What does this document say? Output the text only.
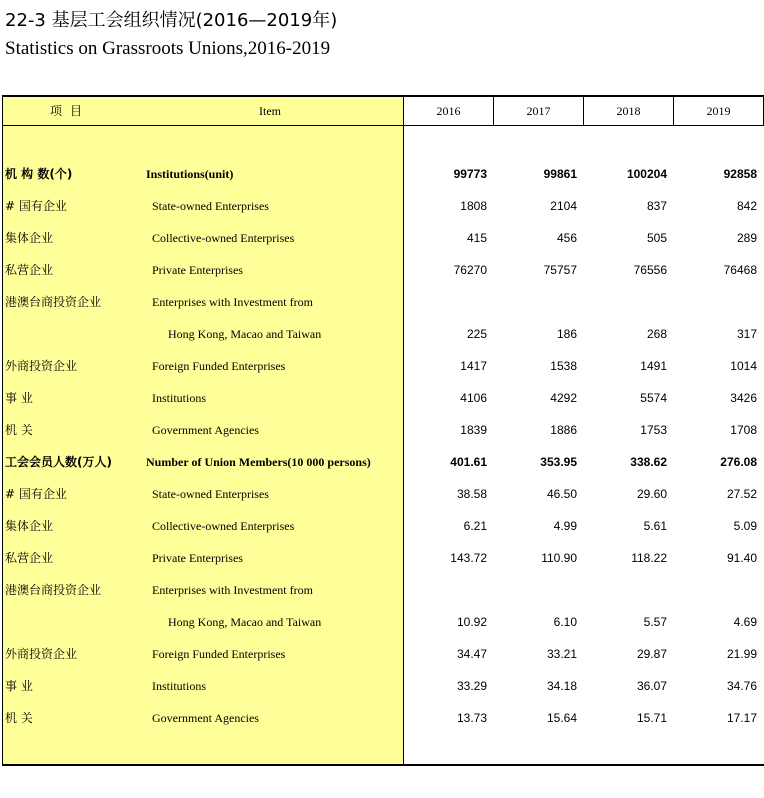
22-3 基层工会组织情况(2016—2019年)
Statistics on Grassroots Unions,2016-2019
项目	Item	2016	2017	2018	2019
机 构 数(个)	Institutions(unit)	99773	99861	100204	92858
# 国有企业	State-owned Enterprises	1808	2104	837	842
集体企业	Collective-owned Enterprises	415	456	505	289
私营企业	Private Enterprises	76270	75757	76556	76468
港澳台商投资企业	Enterprises with Investment from
Hong Kong, Macao and Taiwan	225	186	268	317
外商投资企业	Foreign Funded Enterprises	1417	1538	1491	1014
事 业	Institutions	4106	4292	5574	3426
机 关	Government Agencies	1839	1886	1753	1708
工会会员人数(万人)	Number of Union Members(10 000 persons)	401.61	353.95	338.62	276.08
# 国有企业	State-owned Enterprises	38.58	46.50	29.60	27.52
集体企业	Collective-owned Enterprises	6.21	4.99	5.61	5.09
私营企业	Private Enterprises	143.72	110.90	118.22	91.40
港澳台商投资企业	Enterprises with Investment from
Hong Kong, Macao and Taiwan	10.92	6.10	5.57	4.69
外商投资企业	Foreign Funded Enterprises	34.47	33.21	29.87	21.99
事 业	Institutions	33.29	34.18	36.07	34.76
机 关	Government Agencies	13.73	15.64	15.71	17.17
